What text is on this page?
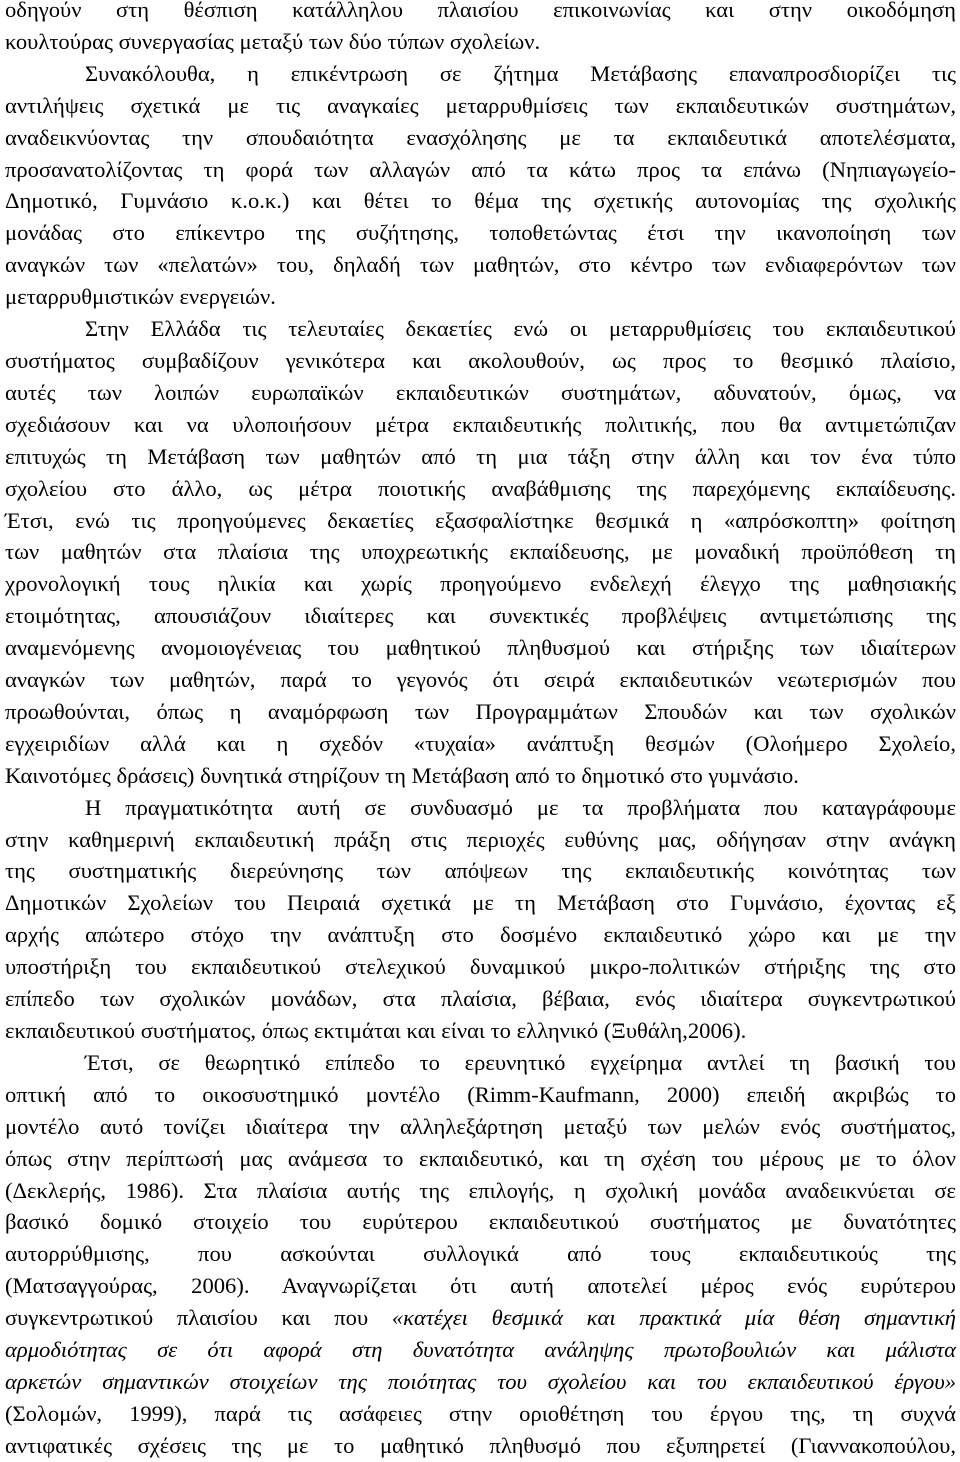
οδηγούν στη θέσπιση κατάλληλου πλαισίου επικοινωνίας και στην οικοδόμηση
κουλτούρας συνεργασίας μεταξύ των δύο τύπων σχολείων.
Συνακόλουθα, η επικέντρωση σε ζήτημα Μετάβασης επαναπροσδιορίζει τις
αντιλήψεις σχετικά με τις αναγκαίες μεταρρυθμίσεις των εκπαιδευτικών συστημάτων,
αναδεικνύοντας την σπουδαιότητα ενασχόλησης με τα εκπαιδευτικά αποτελέσματα,
προσανατολίζοντας τη φορά των αλλαγών από τα κάτω προς τα επάνω (Νηπιαγωγείο-
Δημοτικό, Γυμνάσιο κ.ο.κ.) και θέτει το θέμα της σχετικής αυτονομίας της σχολικής
μονάδας στο επίκεντρο της συζήτησης, τοποθετώντας έτσι την ικανοποίηση των
αναγκών των «πελατών» του, δηλαδή των μαθητών, στο κέντρο των ενδιαφερόντων των
μεταρρυθμιστικών ενεργειών.
Στην Ελλάδα τις τελευταίες δεκαετίες ενώ οι μεταρρυθμίσεις του εκπαιδευτικού
συστήματος συμβαδίζουν γενικότερα και ακολουθούν, ως προς το θεσμικό πλαίσιο,
αυτές των λοιπών ευρωπαϊκών εκπαιδευτικών συστημάτων, αδυνατούν, όμως, να
σχεδιάσουν και να υλοποιήσουν μέτρα εκπαιδευτικής πολιτικής, που θα αντιμετώπιζαν
επιτυχώς τη Μετάβαση των μαθητών από τη μια τάξη στην άλλη και τον ένα τύπο
σχολείου στο άλλο, ως μέτρα ποιοτικής αναβάθμισης της παρεχόμενης εκπαίδευσης.
Έτσι, ενώ τις προηγούμενες δεκαετίες εξασφαλίστηκε θεσμικά η «απρόσκοπτη» φοίτηση
των μαθητών στα πλαίσια της υποχρεωτικής εκπαίδευσης, με μοναδική προϋπόθεση τη
χρονολογική τους ηλικία και χωρίς προηγούμενο ενδελεχή έλεγχο της μαθησιακής
ετοιμότητας, απουσιάζουν ιδιαίτερες και συνεκτικές προβλέψεις αντιμετώπισης της
αναμενόμενης ανομοιογένειας του μαθητικού πληθυσμού και στήριξης των ιδιαίτερων
αναγκών των μαθητών, παρά το γεγονός ότι σειρά εκπαιδευτικών νεωτερισμών που
προωθούνται, όπως η αναμόρφωση των Προγραμμάτων Σπουδών και των σχολικών
εγχειριδίων αλλά και η σχεδόν «τυχαία» ανάπτυξη θεσμών (Ολοήμερο Σχολείο,
Καινοτόμες δράσεις) δυνητικά στηρίζουν τη Μετάβαση από το δημοτικό στο γυμνάσιο.
Η πραγματικότητα αυτή σε συνδυασμό με τα προβλήματα που καταγράφουμε
στην καθημερινή εκπαιδευτική πράξη στις περιοχές ευθύνης μας, οδήγησαν στην ανάγκη
της συστηματικής διερεύνησης των απόψεων της εκπαιδευτικής κοινότητας των
Δημοτικών Σχολείων του Πειραιά σχετικά με τη Μετάβαση στο Γυμνάσιο, έχοντας εξ
αρχής απώτερο στόχο την ανάπτυξη στο δοσμένο εκπαιδευτικό χώρο και με την
υποστήριξη του εκπαιδευτικού στελεχικού δυναμικού μικρο-πολιτικών στήριξης της στο
επίπεδο των σχολικών μονάδων, στα πλαίσια, βέβαια, ενός ιδιαίτερα συγκεντρωτικού
εκπαιδευτικού συστήματος, όπως εκτιμάται και είναι το ελληνικό (Ξυθάλη,2006).
Έτσι, σε θεωρητικό επίπεδο το ερευνητικό εγχείρημα αντλεί τη βασική του
οπτική από το οικοσυστημικό μοντέλο (Rimm-Kaufmann, 2000) επειδή ακριβώς το
μοντέλο αυτό τονίζει ιδιαίτερα την αλληλεξάρτηση μεταξύ των μελών ενός συστήματος,
όπως στην περίπτωσή μας ανάμεσα το εκπαιδευτικό, και τη σχέση του μέρους με το όλον
(Δεκλερής, 1986). Στα πλαίσια αυτής της επιλογής, η σχολική μονάδα αναδεικνύεται σε
βασικό δομικό στοιχείο του ευρύτερου εκπαιδευτικού συστήματος με δυνατότητες
αυτορρύθμισης, που ασκούνται συλλογικά από τους εκπαιδευτικούς της
(Ματσαγγούρας, 2006). Αναγνωρίζεται ότι αυτή αποτελεί μέρος ενός ευρύτερου
συγκεντρωτικού πλαισίου και που «κατέχει θεσμικά και πρακτικά μία θέση σημαντική
αρμοδιότητας σε ότι αφορά στη δυνατότητα ανάληψης πρωτοβουλιών και μάλιστα
αρκετών σημαντικών στοιχείων της ποιότητας του σχολείου και του εκπαιδευτικού έργου»
(Σολομών, 1999), παρά τις ασάφειες στην οριοθέτηση του έργου της, τη συχνά
αντιφατικές σχέσεις της με το μαθητικό πληθυσμό που εξυπηρετεί (Γιαννακοπούλου,
